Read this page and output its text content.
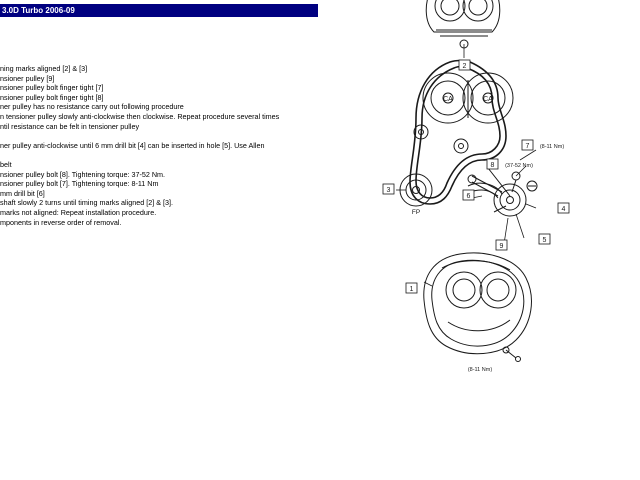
3.0D Turbo 2006-09
ning marks aligned [2] & [3]
nsioner pulley [9]
nsioner pulley bolt finger tight [7]
nsioner pulley bolt finger tight [8]
ner pulley has no resistance carry out following procedure
n tensioner pulley slowly anti-clockwise then clockwise. Repeat procedure several times
ntil resistance can be felt in tensioner pulley
ner pulley anti-clockwise until 6 mm drill bit [4] can be inserted in hole [5]. Use Allen
belt
nsioner pulley bolt [8]. Tightening torque: 37-52 Nm.
nsioner pulley bolt [7]. Tightening torque: 8-11 Nm
mm drill bit [6]
shaft slowly 2 turns until timing marks aligned [2] & [3].
marks not aligned: Repeat installation procedure.
mponents in reverse order of removal.
CA	CA
FP
2
3
1
6
4
5
9
7 (8-11 Nm)
8 (37-52 Nm)
(8-11 Nm)
